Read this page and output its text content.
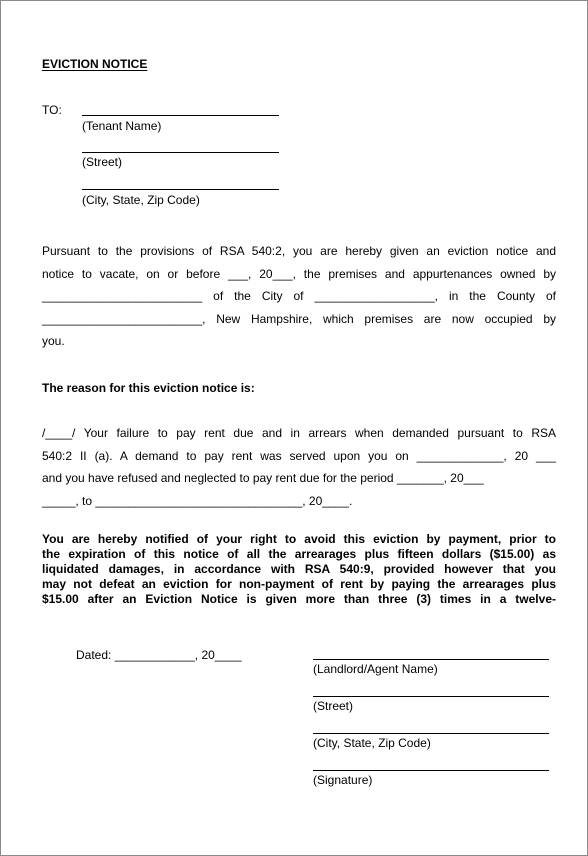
EVICTION NOTICE
TO:
(Tenant Name)
(Street)
(City, State, Zip Code)
Pursuant to the provisions of RSA 540:2, you are hereby given an eviction notice and
notice to vacate, on or before ___, 20___, the premises and appurtenances owned by
________________________ of the City of __________________, in the County of
________________________, New Hampshire, which premises are now occupied by
you.
The reason for this eviction notice is:
/____/ Your failure to pay rent due and in arrears when demanded pursuant to RSA
540:2 II (a). A demand to pay rent was served upon you on _____________, 20 ___
and you have refused and neglected to pay rent due for the period _______, 20___
_____, to _______________________________, 20____.
You are hereby notified of your right to avoid this eviction by payment, prior to
the expiration of this notice of all the arrearages plus fifteen dollars ($15.00) as
liquidated damages, in accordance with RSA 540:9, provided however that you
may not defeat an eviction for non-payment of rent by paying the arrearages plus
$15.00 after an Eviction Notice is given more than three (3) times in a twelve-
Dated: ____________, 20____
(Landlord/Agent Name)
(Street)
(City, State, Zip Code)
(Signature)
